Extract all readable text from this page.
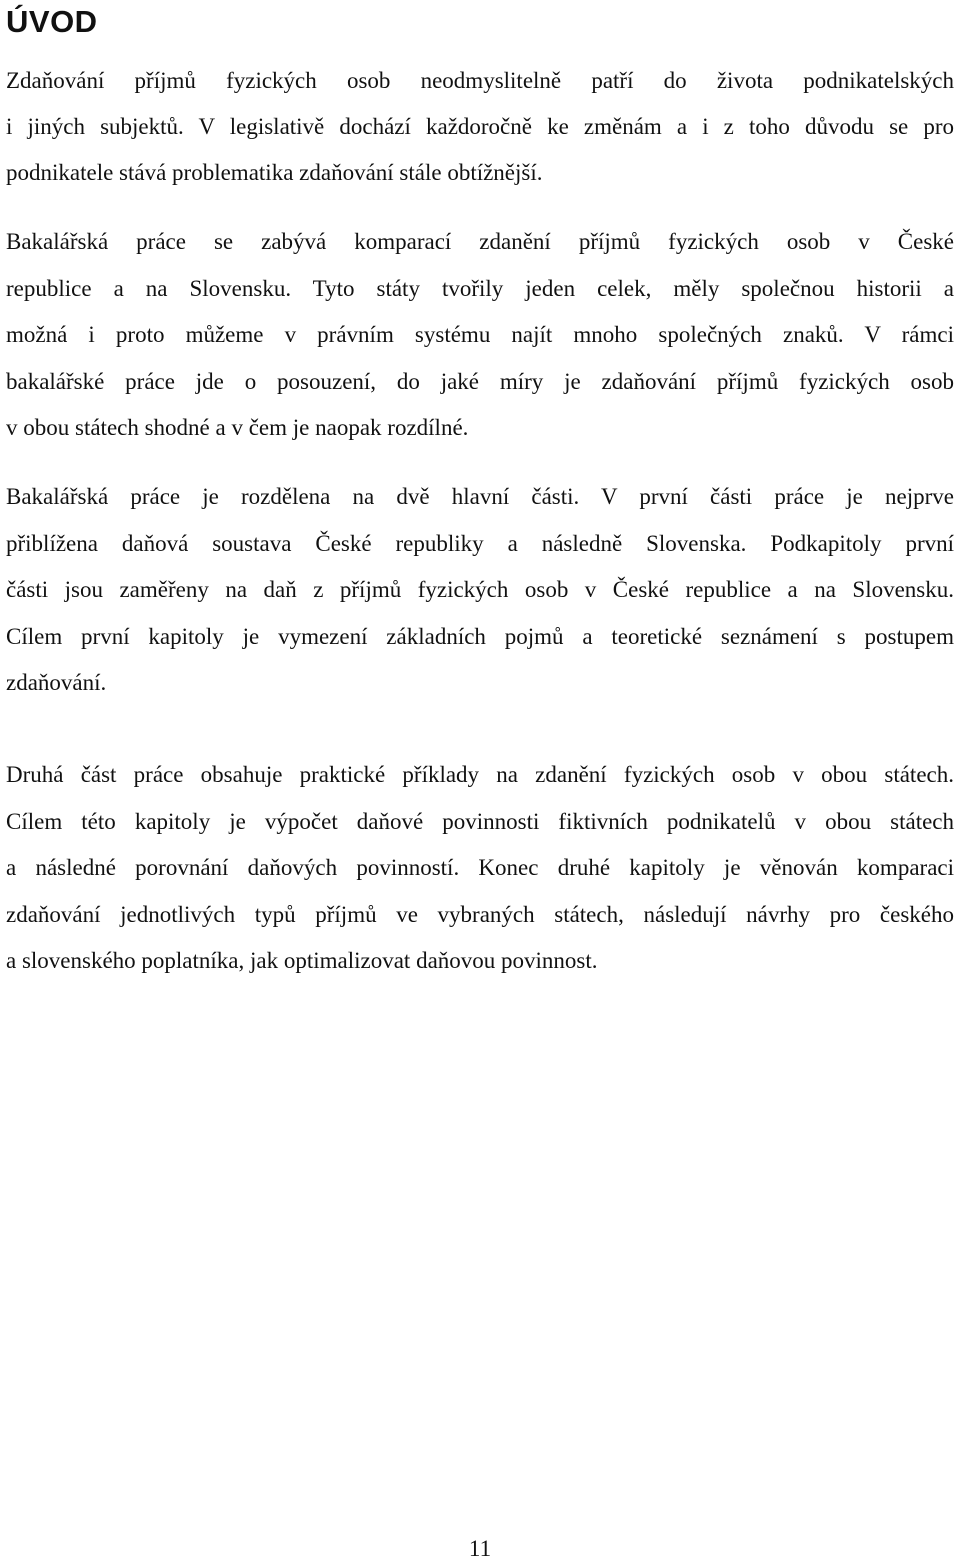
ÚVOD

Zdaňování příjmů fyzických osob neodmyslitelně patří do života podnikatelských
i jiných subjektů. V legislativě dochází každoročně ke změnám a i z toho důvodu se pro
podnikatele stává problematika zdaňování stále obtížnější.

Bakalářská práce se zabývá komparací zdanění příjmů fyzických osob v České
republice a na Slovensku. Tyto státy tvořily jeden celek, měly společnou historii a
možná i proto můžeme v právním systému najít mnoho společných znaků. V rámci
bakalářské práce jde o posouzení, do jaké míry je zdaňování příjmů fyzických osob
v obou státech shodné a v čem je naopak rozdílné.

Bakalářská práce je rozdělena na dvě hlavní části. V první části práce je nejprve
přiblížena daňová soustava České republiky a následně Slovenska. Podkapitoly první
části jsou zaměřeny na daň z příjmů fyzických osob v České republice a na Slovensku.
Cílem první kapitoly je vymezení základních pojmů a teoretické seznámení s postupem
zdaňování.

Druhá část práce obsahuje praktické příklady na zdanění fyzických osob v obou státech.
Cílem této kapitoly je výpočet daňové povinnosti fiktivních podnikatelů v obou státech
a následné porovnání daňových povinností. Konec druhé kapitoly je věnován komparaci
zdaňování jednotlivých typů příjmů ve vybraných státech, následují návrhy pro českého
a slovenského poplatníka, jak optimalizovat daňovou povinnost.

11
